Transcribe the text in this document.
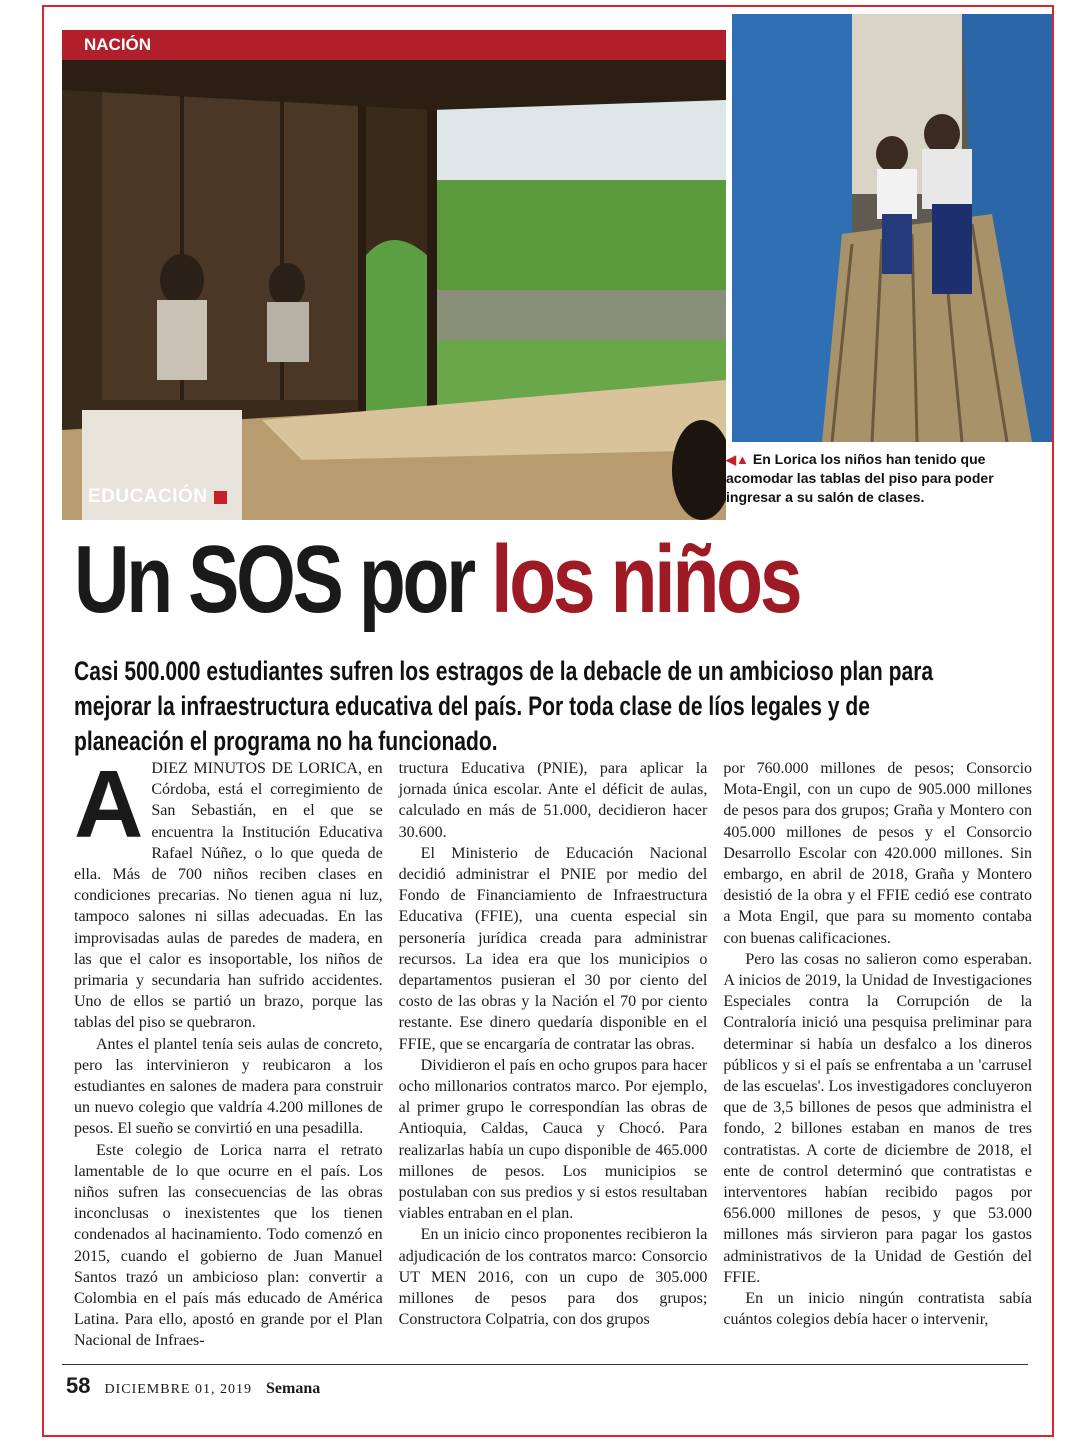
NACIÓN
EDUCACIÓN
◀▲ En Lorica los niños han tenido que acomodar las tablas del piso para poder ingresar a su salón de clases.
Un SOS por los niños
Casi 500.000 estudiantes sufren los estragos de la debacle de un ambicioso plan para mejorar la infraestructura educativa del país. Por toda clase de líos legales y de planeación el programa no ha funcionado.
A DIEZ MINUTOS DE LORICA, en Córdoba, está el corregimiento de San Sebastián, en el que se encuentra la Institución Educativa Rafael Núñez, o lo que queda de ella. Más de 700 niños reciben clases en condiciones precarias. No tienen agua ni luz, tampoco salones ni sillas adecuadas. En las improvisadas aulas de paredes de madera, en las que el calor es insoportable, los niños de primaria y secundaria han sufrido accidentes. Uno de ellos se partió un brazo, porque las tablas del piso se quebraron.

Antes el plantel tenía seis aulas de concreto, pero las intervinieron y reubicaron a los estudiantes en salones de madera para construir un nuevo colegio que valdría 4.200 millones de pesos. El sueño se convirtió en una pesadilla.

Este colegio de Lorica narra el retrato lamentable de lo que ocurre en el país. Los niños sufren las consecuencias de las obras inconclusas o inexistentes que los tienen condenados al hacinamiento. Todo comenzó en 2015, cuando el gobierno de Juan Manuel Santos trazó un ambicioso plan: convertir a Colombia en el país más educado de América Latina. Para ello, apostó en grande por el Plan Nacional de Infraes-

tructura Educativa (PNIE), para aplicar la jornada única escolar. Ante el déficit de aulas, calculado en más de 51.000, decidieron hacer 30.600.

El Ministerio de Educación Nacional decidió administrar el PNIE por medio del Fondo de Financiamiento de Infraestructura Educativa (FFIE), una cuenta especial sin personería jurídica creada para administrar recursos. La idea era que los municipios o departamentos pusieran el 30 por ciento del costo de las obras y la Nación el 70 por ciento restante. Ese dinero quedaría disponible en el FFIE, que se encargaría de contratar las obras.

Dividieron el país en ocho grupos para hacer ocho millonarios contratos marco. Por ejemplo, al primer grupo le correspondían las obras de Antioquia, Caldas, Cauca y Chocó. Para realizarlas había un cupo disponible de 465.000 millones de pesos. Los municipios se postulaban con sus predios y si estos resultaban viables entraban en el plan.

En un inicio cinco proponentes recibieron la adjudicación de los contratos marco: Consorcio UT MEN 2016, con un cupo de 305.000 millones de pesos para dos grupos; Constructora Colpatria, con dos grupos

por 760.000 millones de pesos; Consorcio Mota-Engil, con un cupo de 905.000 millones de pesos para dos grupos; Graña y Montero con 405.000 millones de pesos y el Consorcio Desarrollo Escolar con 420.000 millones. Sin embargo, en abril de 2018, Graña y Montero desistió de la obra y el FFIE cedió ese contrato a Mota Engil, que para su momento contaba con buenas calificaciones.

Pero las cosas no salieron como esperaban. A inicios de 2019, la Unidad de Investigaciones Especiales contra la Corrupción de la Contraloría inició una pesquisa preliminar para determinar si había un desfalco a los dineros públicos y si el país se enfrentaba a un 'carrusel de las escuelas'. Los investigadores concluyeron que de 3,5 billones de pesos que administra el fondo, 2 billones estaban en manos de tres contratistas. A corte de diciembre de 2018, el ente de control determinó que contratistas e interventores habían recibido pagos por 656.000 millones de pesos, y que 53.000 millones más sirvieron para pagar los gastos administrativos de la Unidad de Gestión del FFIE.

En un inicio ningún contratista sabía cuántos colegios debía hacer o intervenir,

58 DICIEMBRE 01, 2019 Semana
